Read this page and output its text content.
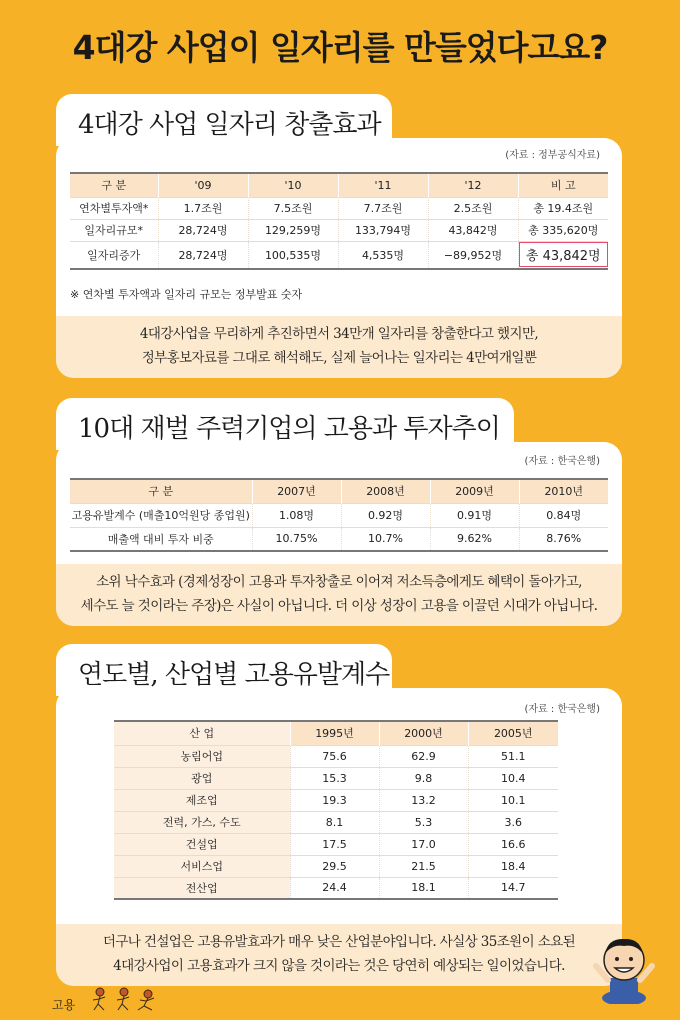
4대강 사업이 일자리를 만들었다고요?
(자료 : 정부공식자료)
구 분	'09	'10	'11	'12	비 고
연차별투자액*	1.7조원	7.5조원	7.7조원	2.5조원	총 19.4조원
일자리규모*	28,724명	129,259명	133,794명	43,842명	총 335,620명
일자리증가	28,724명	100,535명	4,535명	−89,952명	총 43,842명
※ 연차별 투자액과 일자리 규모는 정부발표 숫자
4대강사업을 무리하게 추진하면서 34만개 일자리를 창출한다고 했지만,
정부홍보자료를 그대로 해석해도, 실제 늘어나는 일자리는 4만여개일뿐
4대강 사업 일자리 창출효과
(자료 : 한국은행)
구 분	2007년	2008년	2009년	2010년
고용유발계수 (매출10억원당 종업원)	1.08명	0.92명	0.91명	0.84명
매출액 대비 투자 비중	10.75%	10.7%	9.62%	8.76%
소위 낙수효과 (경제성장이 고용과 투자창출로 이어져 저소득층에게도 혜택이 돌아가고,
세수도 늘 것이라는 주장)은 사실이 아닙니다. 더 이상 성장이 고용을 이끌던 시대가 아닙니다.
10대 재벌 주력기업의 고용과 투자추이
(자료 : 한국은행)
산 업	1995년	2000년	2005년
농림어업	75.6	62.9	51.1
광업	15.3	9.8	10.4
제조업	19.3	13.2	10.1
전력, 가스, 수도	8.1	5.3	3.6
건설업	17.5	17.0	16.6
서비스업	29.5	21.5	18.4
전산업	24.4	18.1	14.7
더구나 건설업은 고용유발효과가 매우 낮은 산업분야입니다. 사실상 35조원이 소요된
4대강사업이 고용효과가 크지 않을 것이라는 것은 당연히 예상되는 일이었습니다.
연도별, 산업별 고용유발계수
고용
